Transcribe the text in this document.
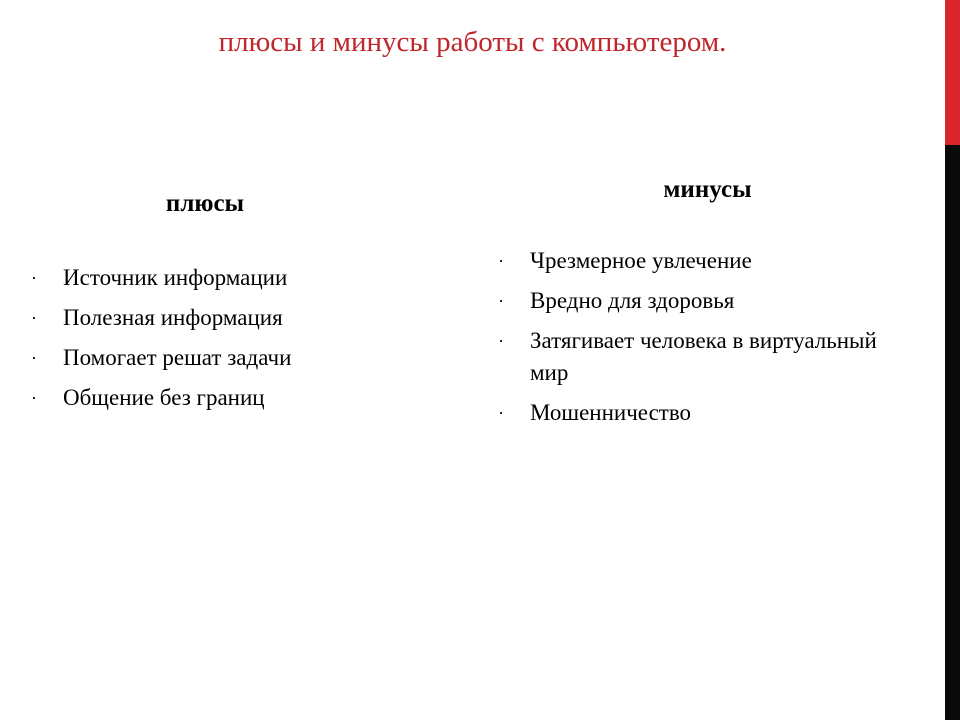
плюсы и минусы работы с компьютером.
плюсы
минусы
· Источник информации
· Полезная информация
· Помогает решат задачи
· Общение без границ
· Чрезмерное увлечение
· Вредно для здоровья
· Затягивает человека в виртуальный мир
· Мошенничество
